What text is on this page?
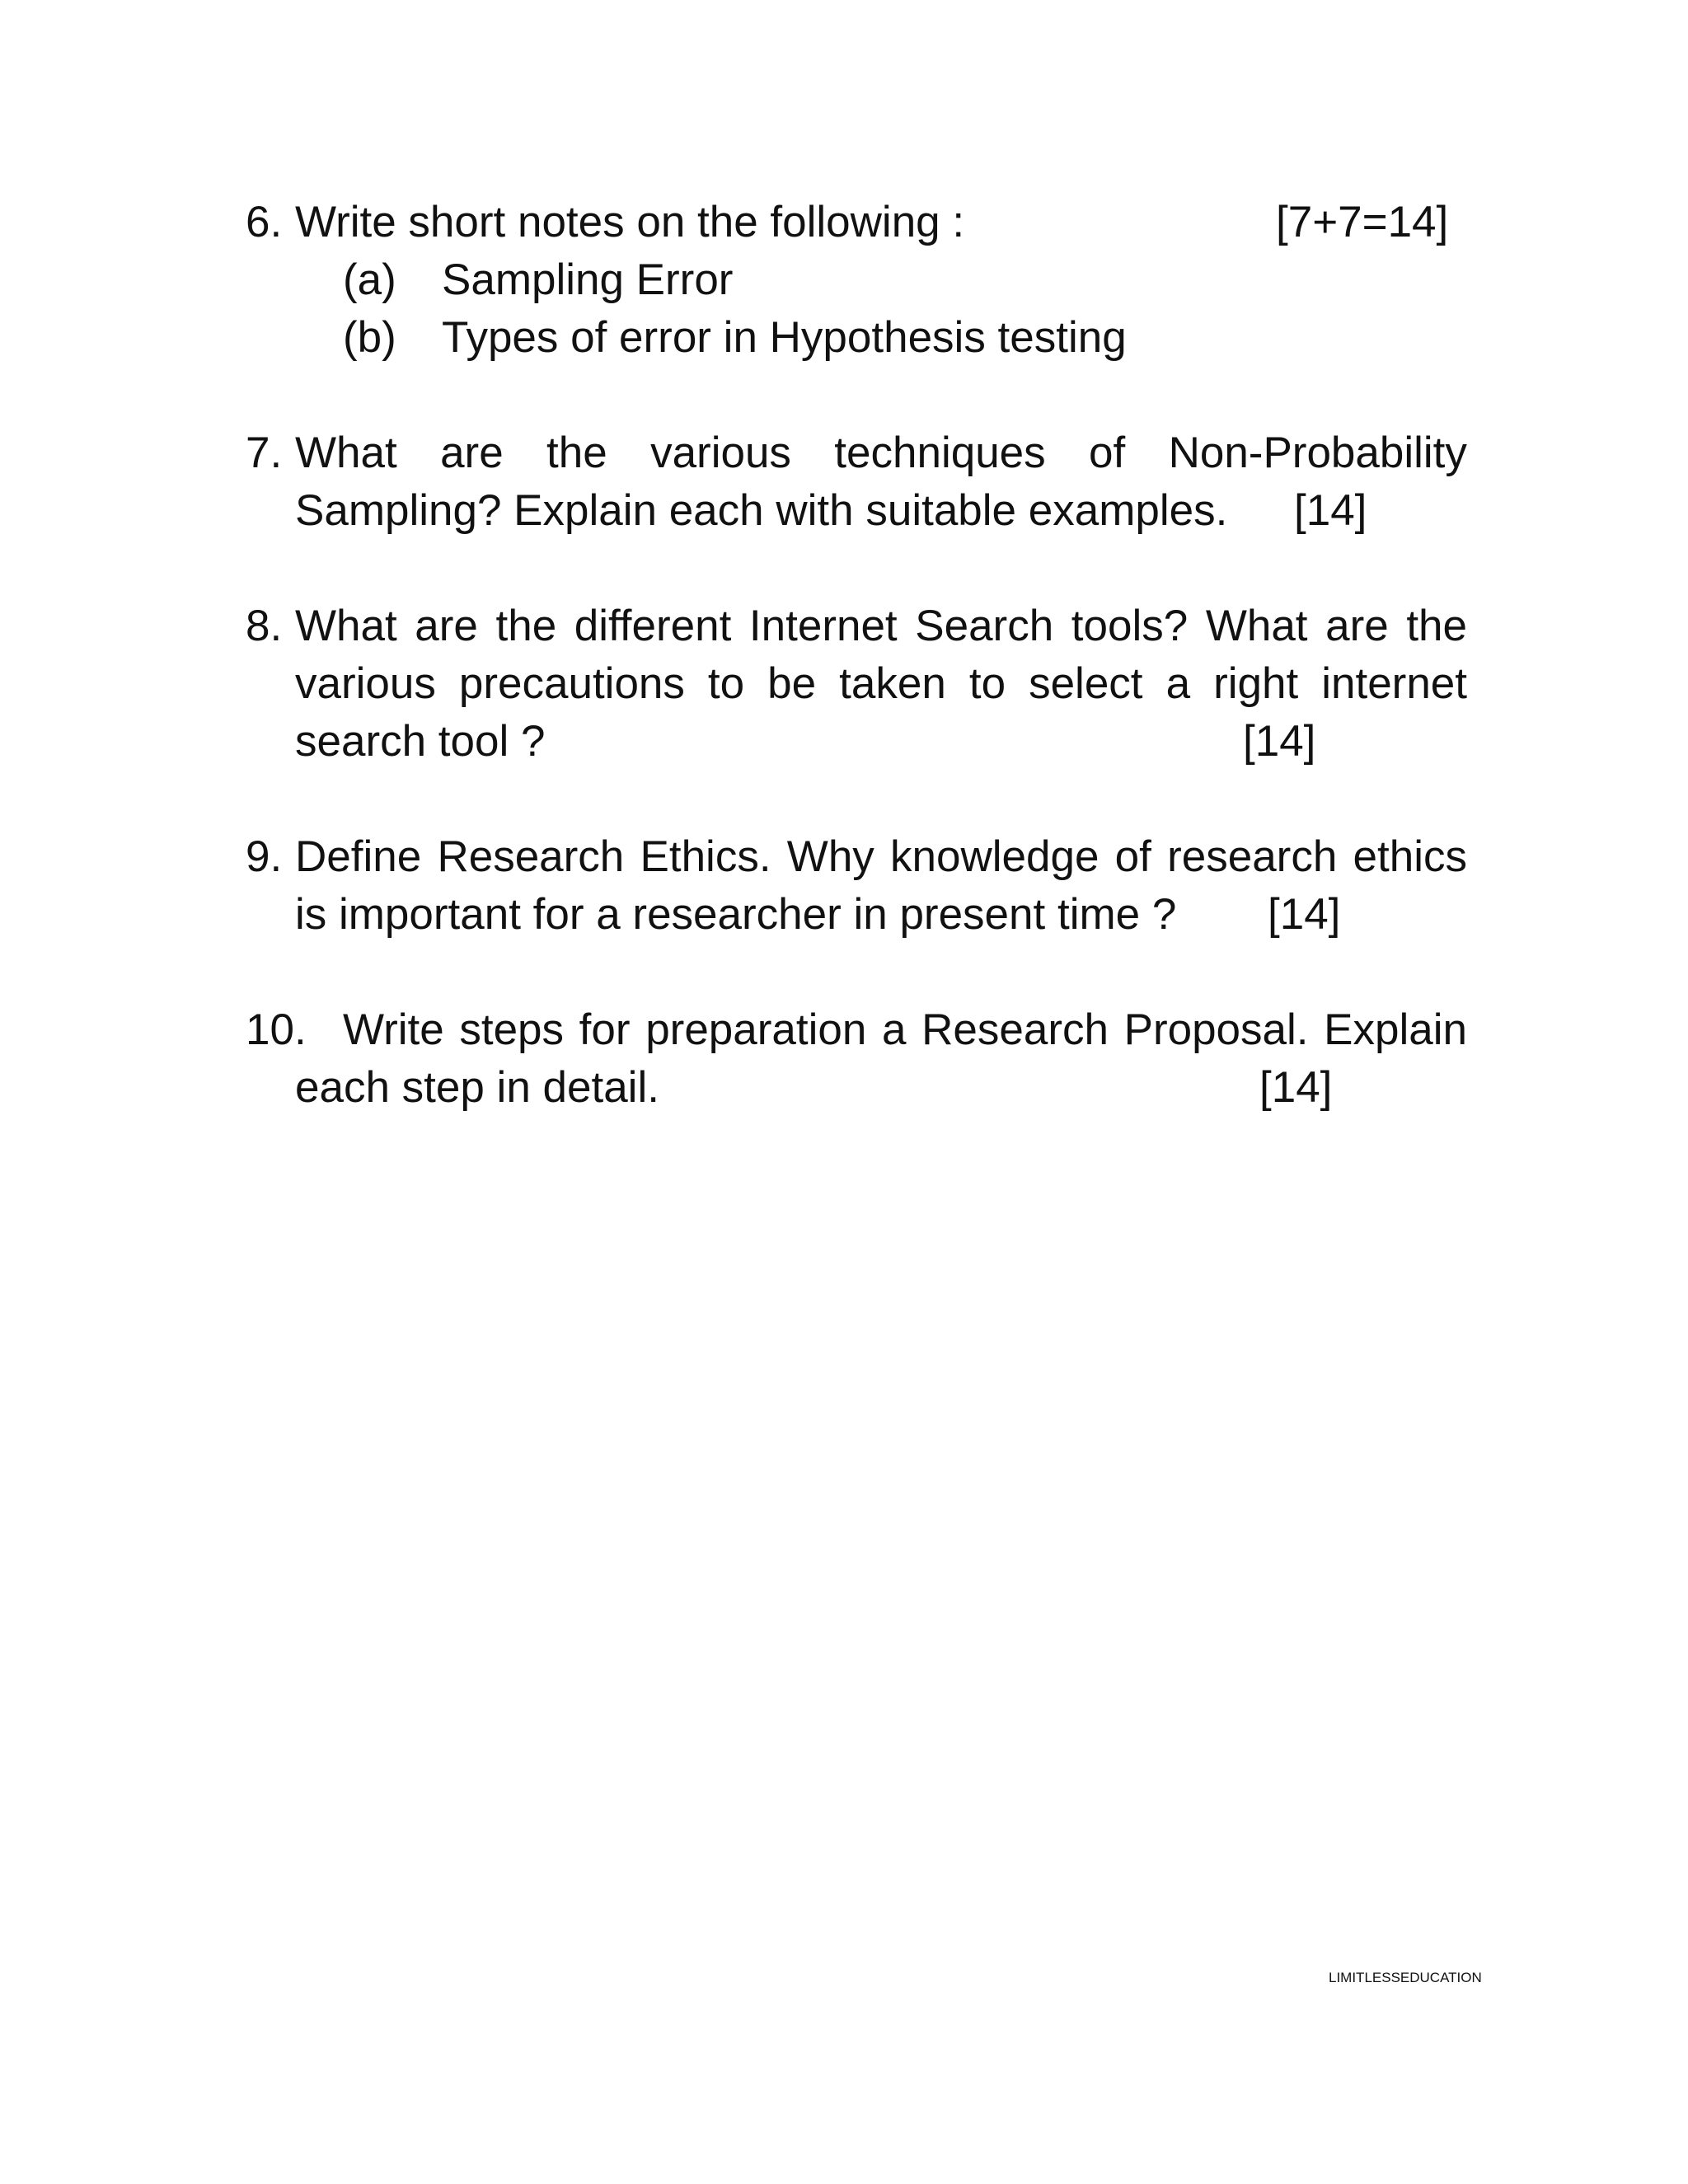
6. Write short notes on the following :	[7+7=14]
(a) Sampling Error
(b) Types of error in Hypothesis testing
7. What are the various techniques of Non-Probability
Sampling? Explain each with suitable examples. [14]
8. What are the different Internet Search tools? What are the
various precautions to be taken to select a right internet
search tool ?	[14]
9. Define Research Ethics. Why knowledge of research ethics
is important for a researcher in present time ? [14]
10. Write steps for preparation a Research Proposal. Explain
each step in detail.	[14]
LIMITLESSEDUCATION
